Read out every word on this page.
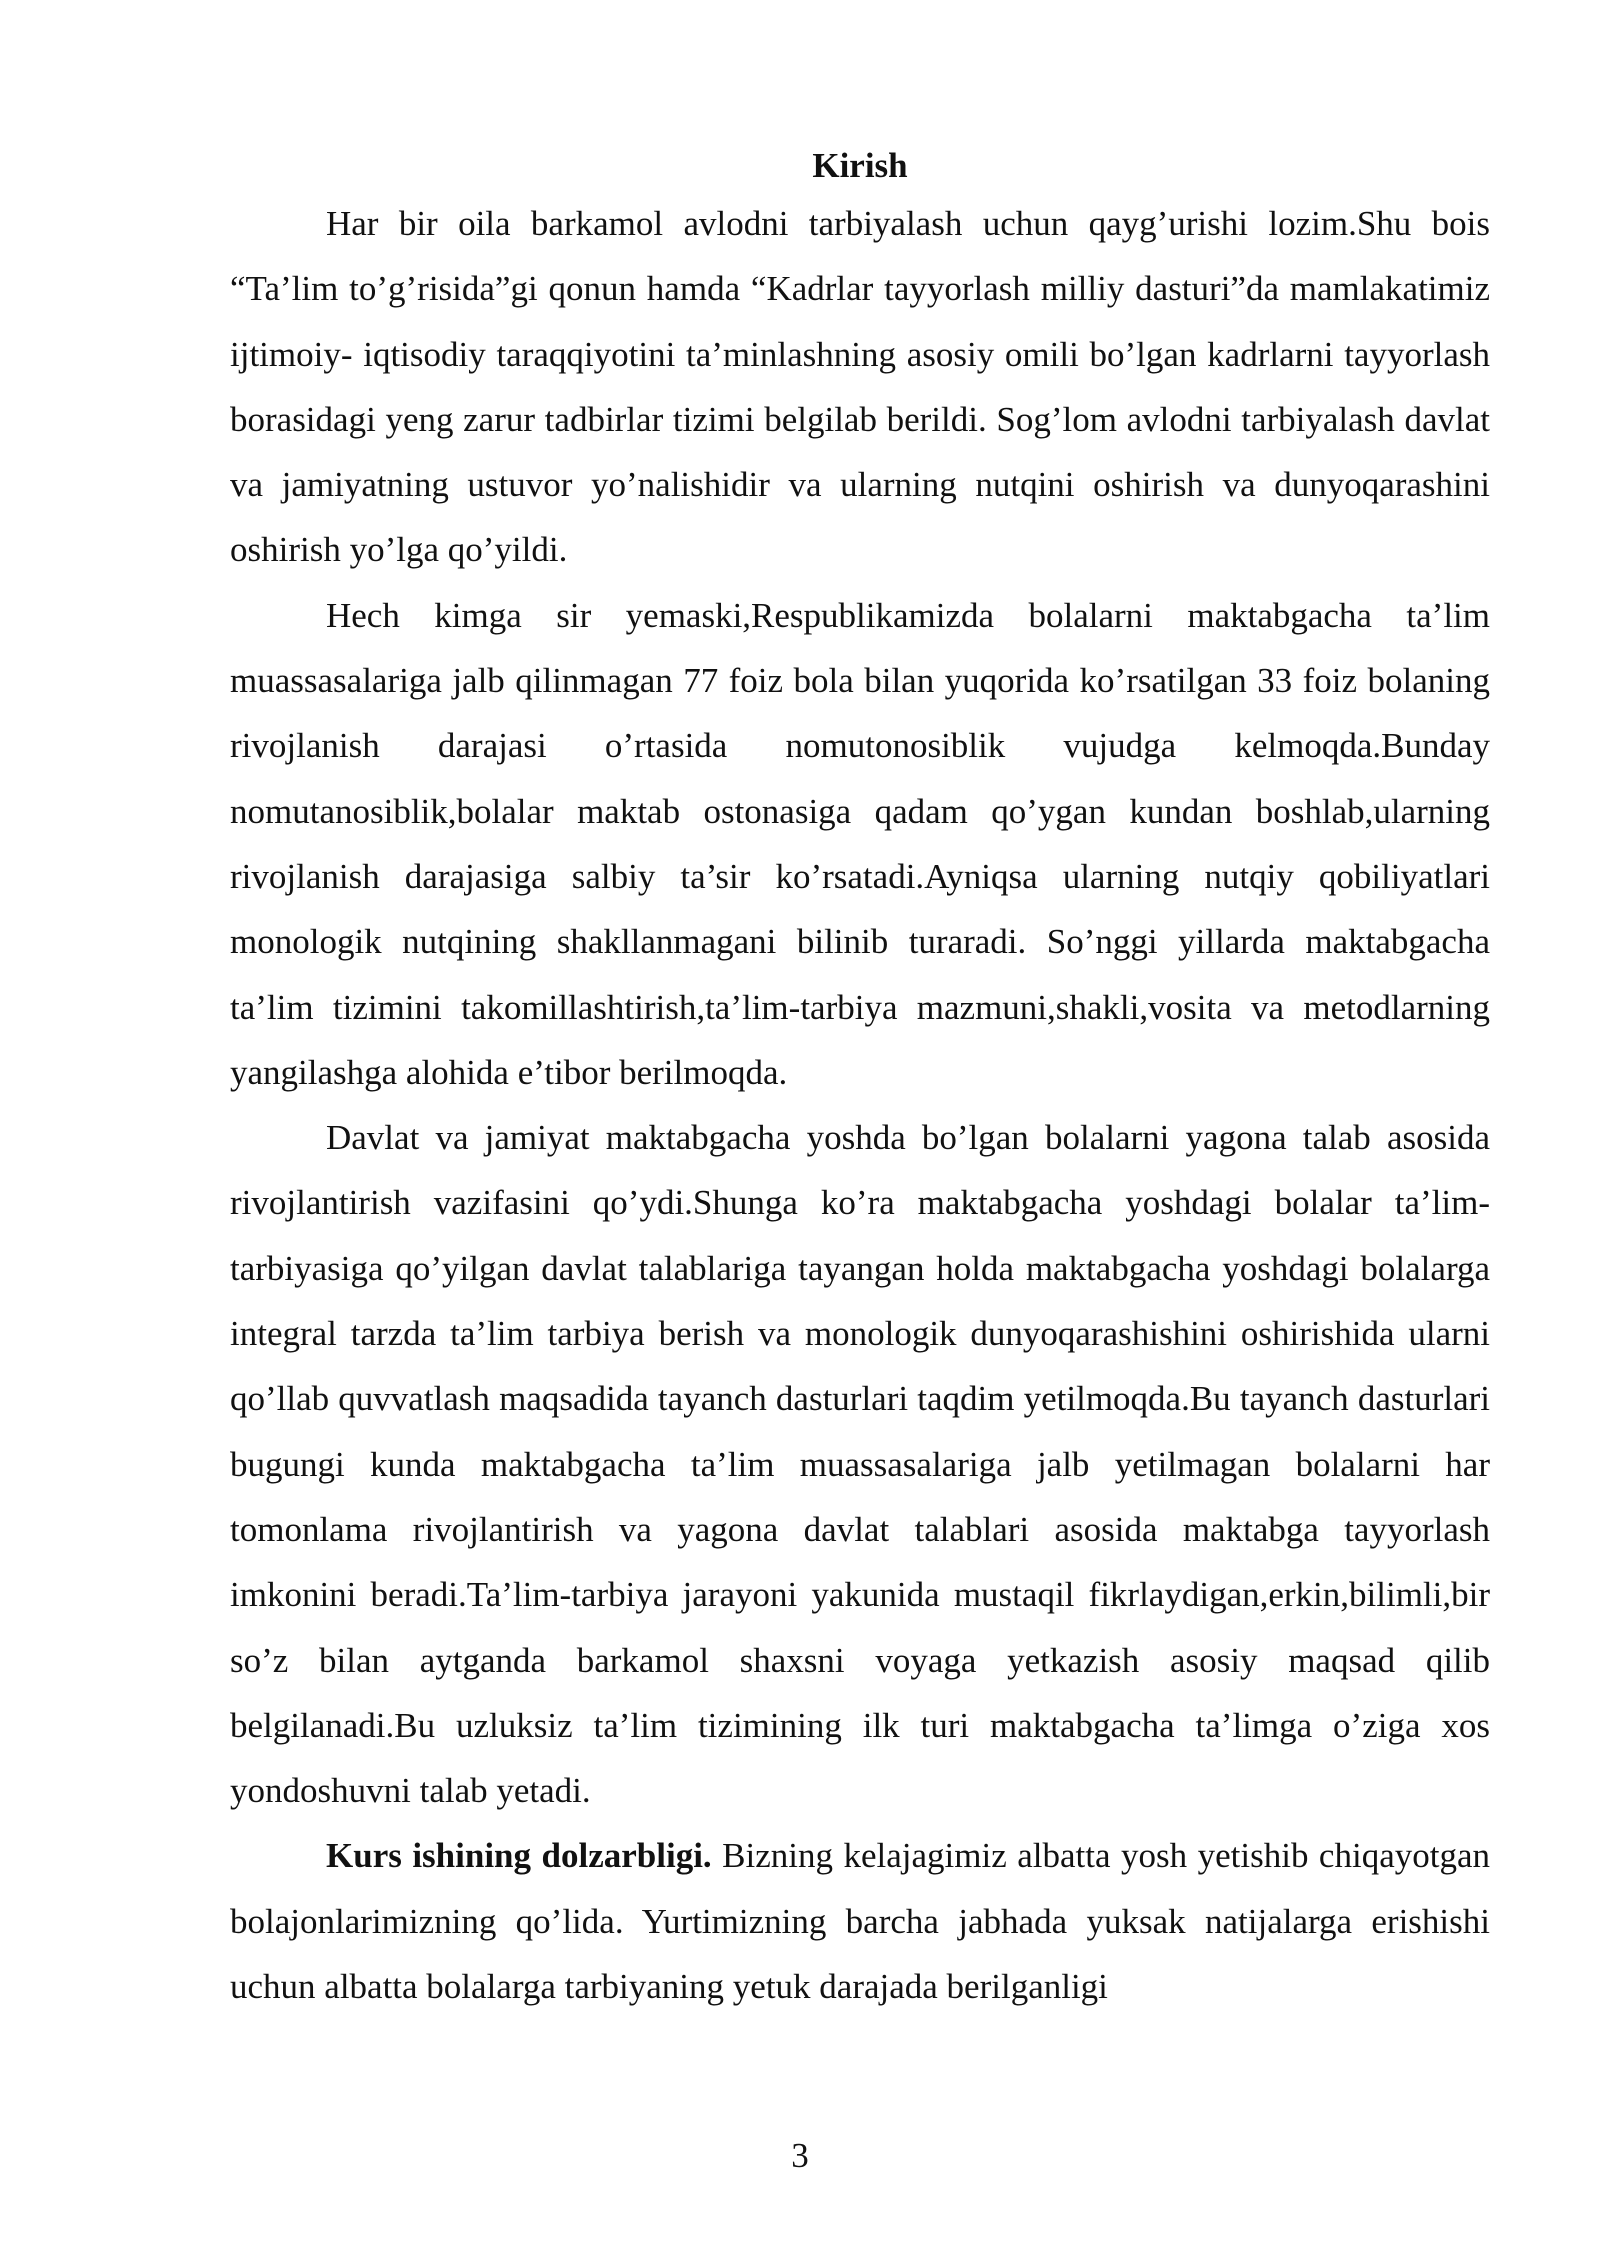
Kirish

Har bir oila barkamol avlodni tarbiyalash uchun qayg’urishi lozim.Shu bois “Ta’lim to’g’risida”gi qonun hamda “Kadrlar tayyorlash milliy dasturi”da mamlakatimiz ijtimoiy- iqtisodiy taraqqiyotini ta’minlashning asosiy omili bo’lgan kadrlarni tayyorlash borasidagi yeng zarur tadbirlar tizimi belgilab berildi. Sog’lom avlodni tarbiyalash davlat va jamiyatning ustuvor yo’nalishidir va ularning nutqini oshirish va dunyoqarashini oshirish yo’lga qo’yildi.

Hech kimga sir yemaski,Respublikamizda bolalarni maktabgacha ta’lim muassasalariga jalb qilinmagan 77 foiz bola bilan yuqorida ko’rsatilgan 33 foiz bolaning rivojlanish darajasi o’rtasida nomutonosiblik vujudga kelmoqda.Bunday nomutanosiblik,bolalar maktab ostonasiga qadam qo’ygan kundan boshlab,ularning rivojlanish darajasiga salbiy ta’sir ko’rsatadi.Ayniqsa ularning nutqiy qobiliyatlari monologik nutqining shakllanmagani bilinib turaradi. So’nggi yillarda maktabgacha ta’lim tizimini takomillashtirish,ta’lim-tarbiya mazmuni,shakli,vosita va metodlarning yangilashga alohida e’tibor berilmoqda.

Davlat va jamiyat maktabgacha yoshda bo’lgan bolalarni yagona talab asosida rivojlantirish vazifasini qo’ydi.Shunga ko’ra maktabgacha yoshdagi bolalar ta’lim-tarbiyasiga qo’yilgan davlat talablariga tayangan holda maktabgacha yoshdagi bolalarga integral tarzda ta’lim tarbiya berish va monologik dunyoqarashishini oshirishida ularni qo’llab quvvatlash maqsadida tayanch dasturlari taqdim yetilmoqda.Bu tayanch dasturlari bugungi kunda maktabgacha ta’lim muassasalariga jalb yetilmagan bolalarni har tomonlama rivojlantirish va yagona davlat talablari asosida maktabga tayyorlash imkonini beradi.Ta’lim-tarbiya jarayoni yakunida mustaqil fikrlaydigan,erkin,bilimli,bir so’z bilan aytganda barkamol shaxsni voyaga yetkazish asosiy maqsad qilib belgilanadi.Bu uzluksiz ta’lim tizimining ilk turi maktabgacha ta’limga o’ziga xos yondoshuvni talab yetadi.

Kurs ishining dolzarbligi. Bizning kelajagimiz albatta yosh yetishib chiqayotgan bolajonlarimizning qo’lida. Yurtimizning barcha jabhada yuksak natijalarga erishishi uchun albatta bolalarga tarbiyaning yetuk darajada berilganligi

3
